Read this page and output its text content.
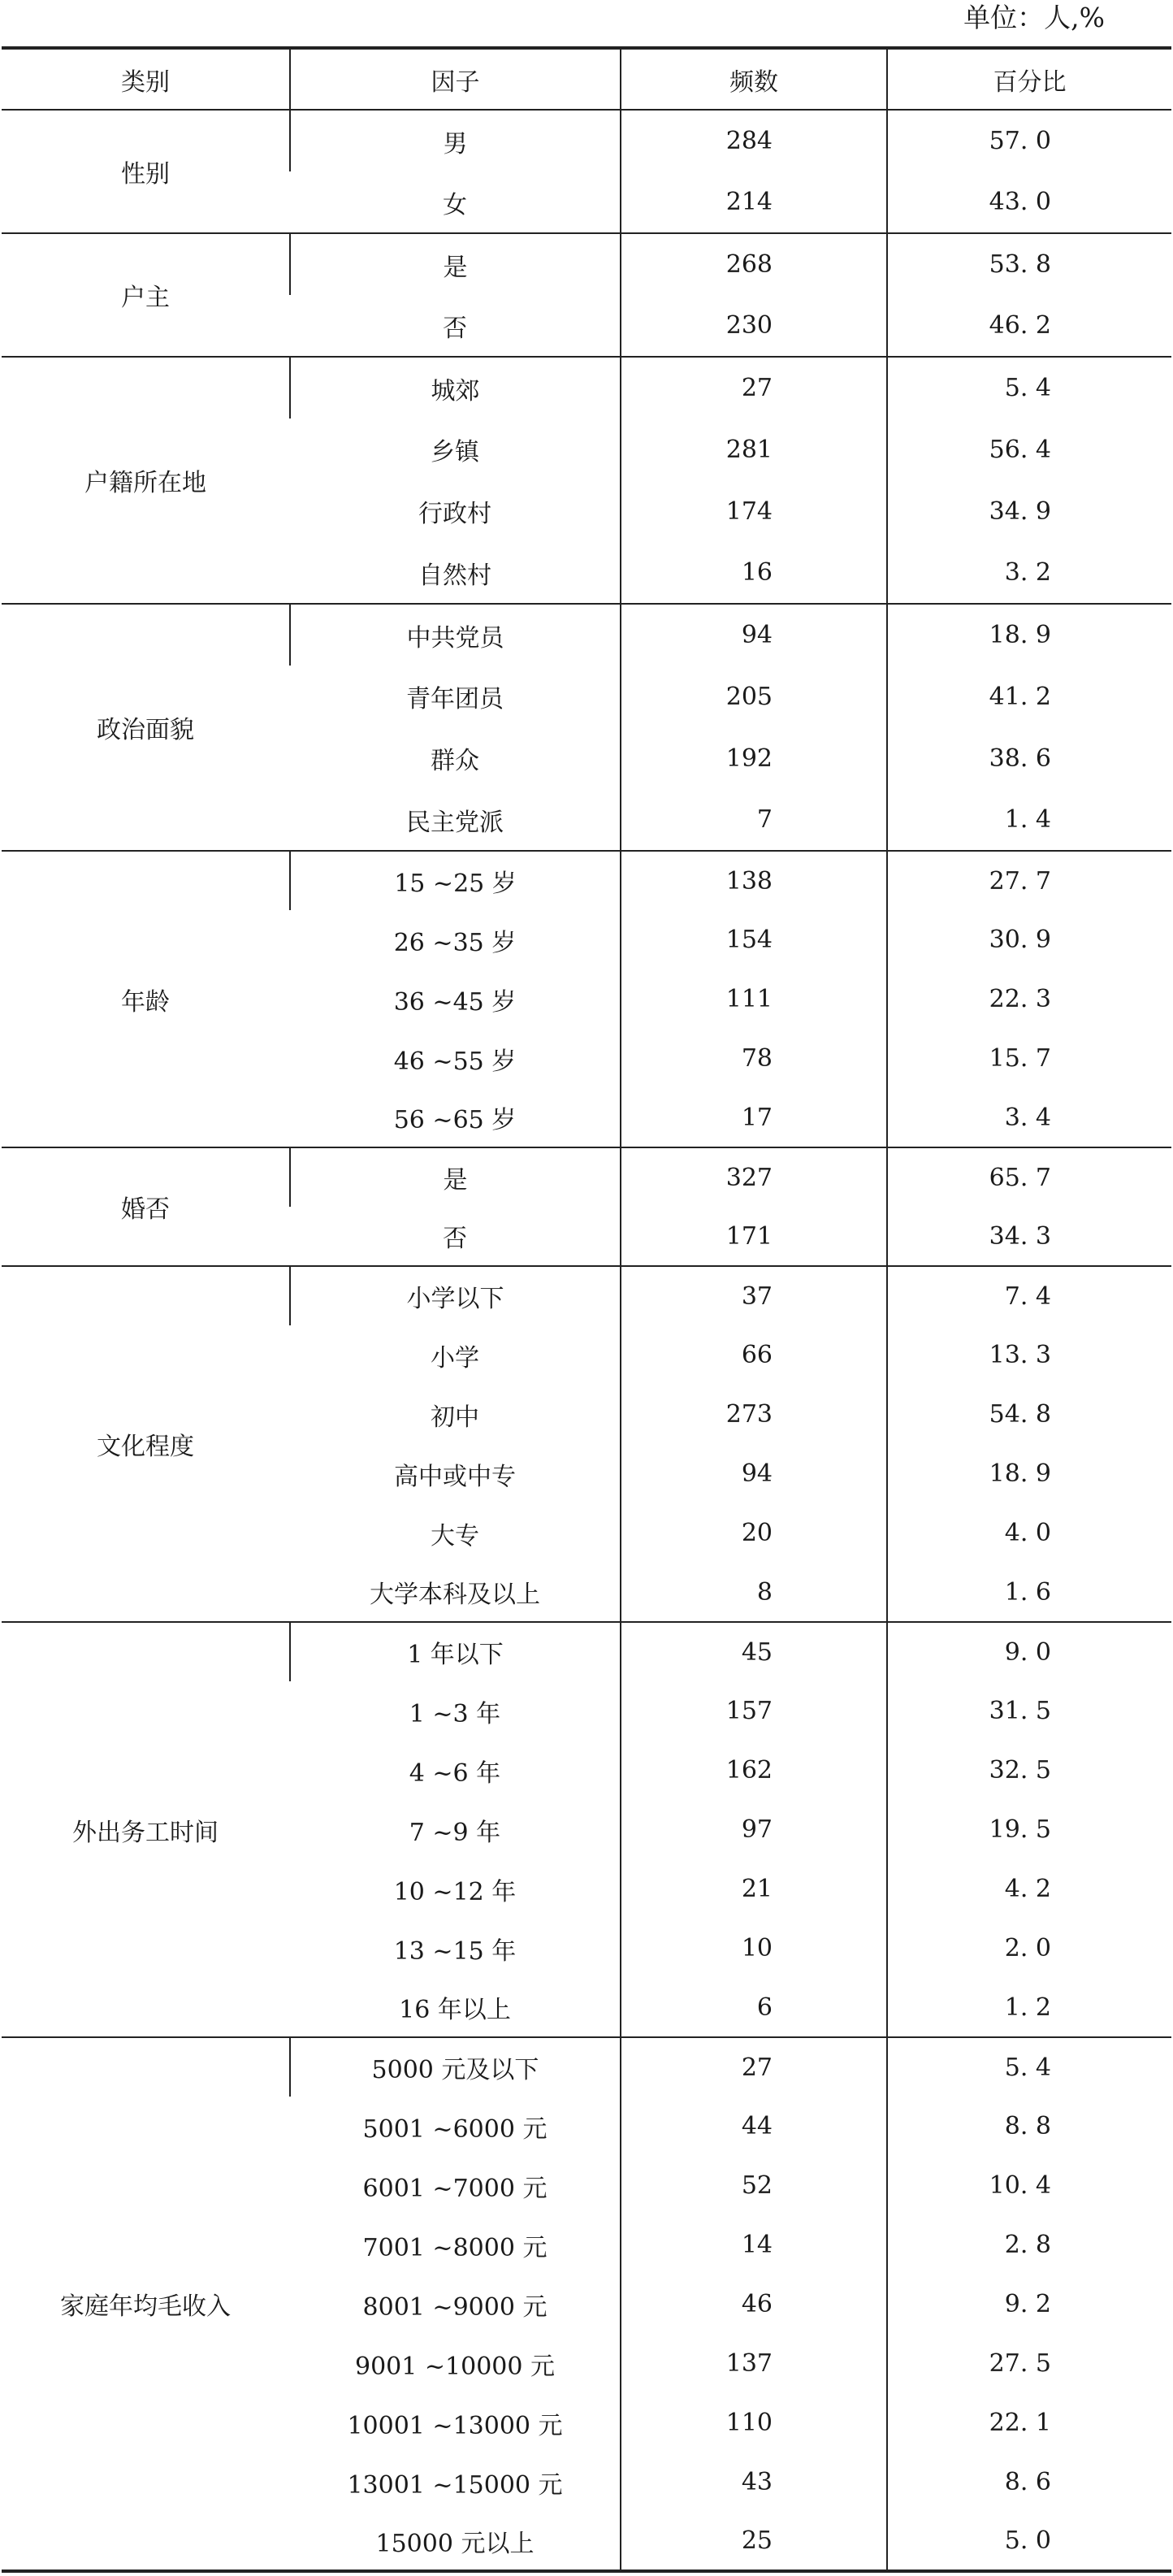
单位：人,%
类别	因子	频数	百分比
性别	男	284	57. 0
	女	214	43. 0
户主	是	268	53. 8
	否	230	46. 2
户籍所在地	城郊	27	5. 4
	乡镇	281	56. 4
	行政村	174	34. 9
	自然村	16	3. 2
政治面貌	中共党员	94	18. 9
	青年团员	205	41. 2
	群众	192	38. 6
	民主党派	7	1. 4
年龄	15 ~25 岁	138	27. 7
	26 ~35 岁	154	30. 9
	36 ~45 岁	111	22. 3
	46 ~55 岁	78	15. 7
	56 ~65 岁	17	3. 4
婚否	是	327	65. 7
	否	171	34. 3
文化程度	小学以下	37	7. 4
	小学	66	13. 3
	初中	273	54. 8
	高中或中专	94	18. 9
	大专	20	4. 0
	大学本科及以上	8	1. 6
外出务工时间	1 年以下	45	9. 0
	1 ~3 年	157	31. 5
	4 ~6 年	162	32. 5
	7 ~9 年	97	19. 5
	10 ~12 年	21	4. 2
	13 ~15 年	10	2. 0
	16 年以上	6	1. 2
家庭年均毛收入	5000 元及以下	27	5. 4
	5001 ~6000 元	44	8. 8
	6001 ~7000 元	52	10. 4
	7001 ~8000 元	14	2. 8
	8001 ~9000 元	46	9. 2
	9001 ~10000 元	137	27. 5
	10001 ~13000 元	110	22. 1
	13001 ~15000 元	43	8. 6
	15000 元以上	25	5. 0
